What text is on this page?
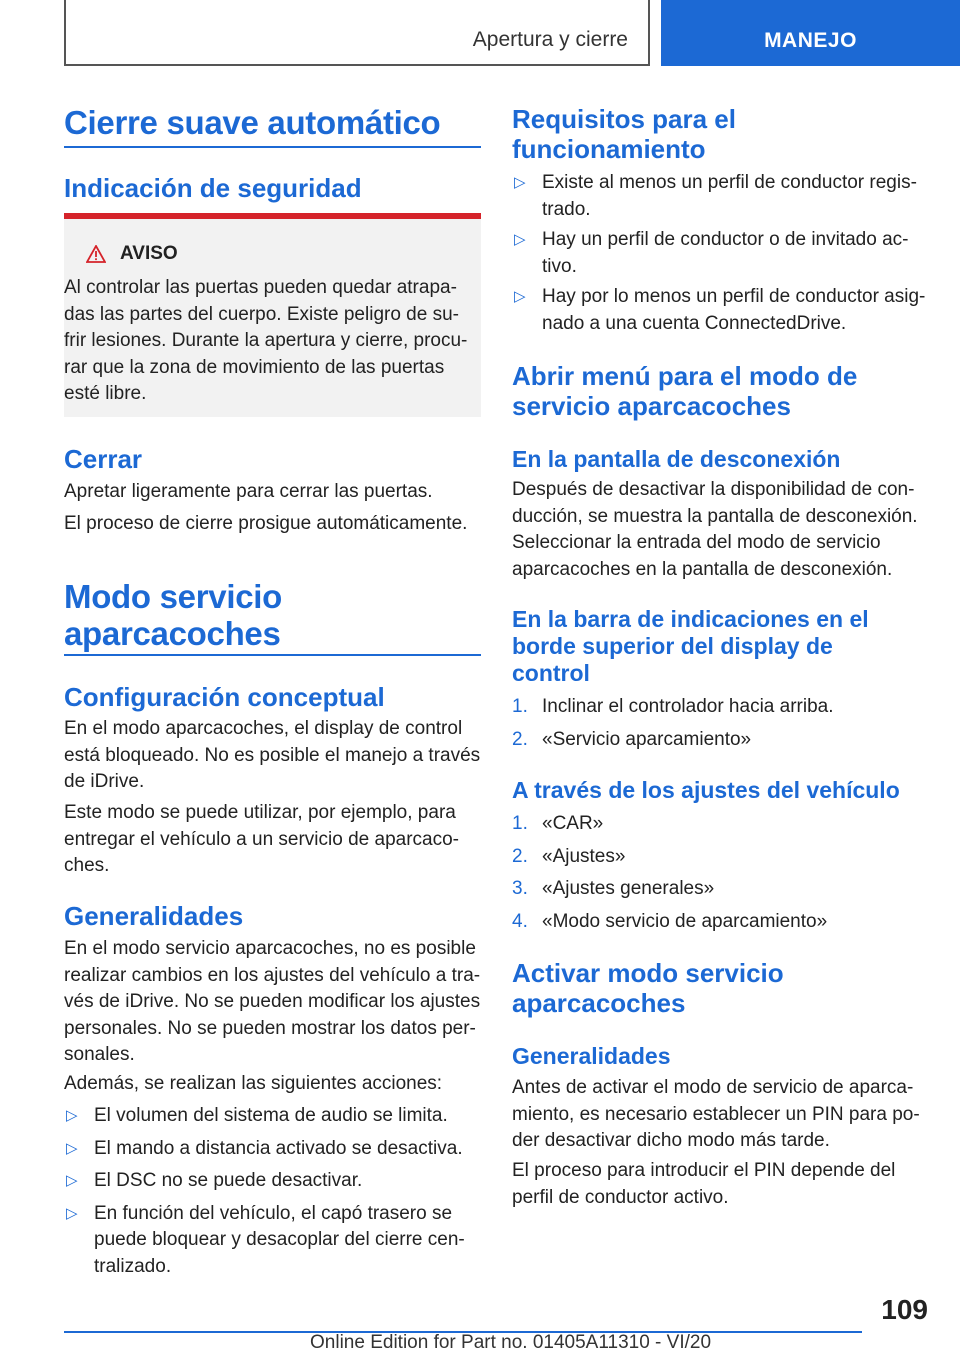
Apertura y cierre	MANEJO
Cierre suave automático
Indicación de seguridad
AVISO
Al controlar las puertas pueden quedar atrapa-
das las partes del cuerpo. Existe peligro de su-
frir lesiones. Durante la apertura y cierre, procu-
rar que la zona de movimiento de las puertas
esté libre.
Cerrar
Apretar ligeramente para cerrar las puertas.
El proceso de cierre prosigue automáticamente.
Modo servicio
aparcacoches
Configuración conceptual
En el modo aparcacoches, el display de control
está bloqueado. No es posible el manejo a través
de iDrive.
Este modo se puede utilizar, por ejemplo, para
entregar el vehículo a un servicio de aparcaco-
ches.
Generalidades
En el modo servicio aparcacoches, no es posible
realizar cambios en los ajustes del vehículo a tra-
vés de iDrive. No se pueden modificar los ajustes
personales. No se pueden mostrar los datos per-
sonales.
Además, se realizan las siguientes acciones:
▷ El volumen del sistema de audio se limita.
▷ El mando a distancia activado se desactiva.
▷ El DSC no se puede desactivar.
▷ En función del vehículo, el capó trasero se
puede bloquear y desacoplar del cierre cen-
tralizado.
Requisitos para el
funcionamiento
▷ Existe al menos un perfil de conductor regis-
trado.
▷ Hay un perfil de conductor o de invitado ac-
tivo.
▷ Hay por lo menos un perfil de conductor asig-
nado a una cuenta ConnectedDrive.
Abrir menú para el modo de
servicio aparcacoches
En la pantalla de desconexión
Después de desactivar la disponibilidad de con-
ducción, se muestra la pantalla de desconexión.
Seleccionar la entrada del modo de servicio
aparcacoches en la pantalla de desconexión.
En la barra de indicaciones en el
borde superior del display de
control
1. Inclinar el controlador hacia arriba.
2. «Servicio aparcamiento»
A través de los ajustes del vehículo
1. «CAR»
2. «Ajustes»
3. «Ajustes generales»
4. «Modo servicio de aparcamiento»
Activar modo servicio
aparcacoches
Generalidades
Antes de activar el modo de servicio de aparca-
miento, es necesario establecer un PIN para po-
der desactivar dicho modo más tarde.
El proceso para introducir el PIN depende del
perfil de conductor activo.
109
Online Edition for Part no. 01405A11310 - VI/20
